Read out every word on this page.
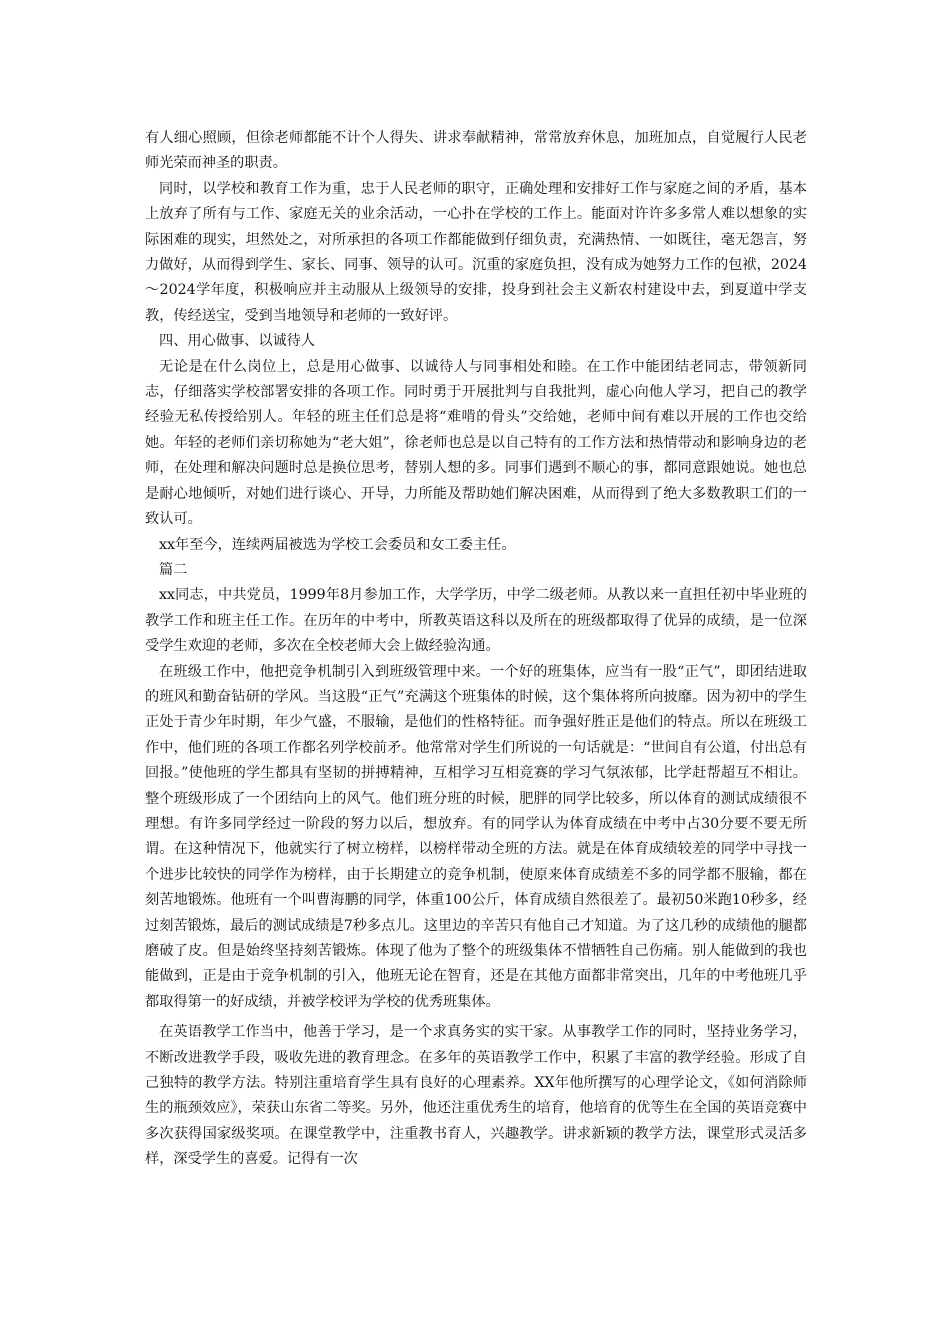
有人细心照顾，但徐老师都能不计个人得失、讲求奉献精神，常常放弃休息，加班加点，自觉履行人民老师光荣而神圣的职责。

同时，以学校和教育工作为重，忠于人民老师的职守，正确处理和安排好工作与家庭之间的矛盾，基本上放弃了所有与工作、家庭无关的业余活动，一心扑在学校的工作上。能面对许许多多常人难以想象的实际困难的现实，坦然处之，对所承担的各项工作都能做到仔细负责，充满热情、一如既往，毫无怨言，努力做好，从而得到学生、家长、同事、领导的认可。沉重的家庭负担，没有成为她努力工作的包袱，2024～2024学年度，积极响应并主动服从上级领导的安排，投身到社会主义新农村建设中去，到夏道中学支教，传经送宝，受到当地领导和老师的一致好评。

四、用心做事、以诚待人

无论是在什么岗位上，总是用心做事、以诚待人与同事相处和睦。在工作中能团结老同志，带领新同志，仔细落实学校部署安排的各项工作。同时勇于开展批判与自我批判，虚心向他人学习，把自己的教学经验无私传授给别人。年轻的班主任们总是将“难啃的骨头”交给她，老师中间有难以开展的工作也交给她。年轻的老师们亲切称她为“老大姐”，徐老师也总是以自己特有的工作方法和热情带动和影响身边的老师，在处理和解决问题时总是换位思考，替别人想的多。同事们遇到不顺心的事，都同意跟她说。她也总是耐心地倾听，对她们进行谈心、开导，力所能及帮助她们解决困难，从而得到了绝大多数教职工们的一致认可。

xx年至今，连续两届被选为学校工会委员和女工委主任。

篇二

xx同志，中共党员，1999年8月参加工作，大学学历，中学二级老师。从教以来一直担任初中毕业班的教学工作和班主任工作。在历年的中考中，所教英语这科以及所在的班级都取得了优异的成绩，是一位深受学生欢迎的老师，多次在全校老师大会上做经验沟通。

在班级工作中，他把竞争机制引入到班级管理中来。一个好的班集体，应当有一股“正气”，即团结进取的班风和勤奋钻研的学风。当这股“正气”充满这个班集体的时候，这个集体将所向披靡。因为初中的学生正处于青少年时期，年少气盛，不服输，是他们的性格特征。而争强好胜正是他们的特点。所以在班级工作中，他们班的各项工作都名列学校前矛。他常常对学生们所说的一句话就是：“世间自有公道，付出总有回报。”使他班的学生都具有坚韧的拼搏精神，互相学习互相竞赛的学习气氛浓郁，比学赶帮超互不相让。整个班级形成了一个团结向上的风气。他们班分班的时候，肥胖的同学比较多，所以体育的测试成绩很不理想。有许多同学经过一阶段的努力以后，想放弃。有的同学认为体育成绩在中考中占30分要不要无所谓。在这种情况下，他就实行了树立榜样，以榜样带动全班的方法。就是在体育成绩较差的同学中寻找一个进步比较快的同学作为榜样，由于长期建立的竞争机制，使原来体育成绩差不多的同学都不服输，都在刻苦地锻炼。他班有一个叫曹海鹏的同学，体重100公斤，体育成绩自然很差了。最初50米跑10秒多，经过刻苦锻炼，最后的测试成绩是7秒多点儿。这里边的辛苦只有他自己才知道。为了这几秒的成绩他的腿都磨破了皮。但是始终坚持刻苦锻炼。体现了他为了整个的班级集体不惜牺牲自己伤痛。别人能做到的我也能做到，正是由于竞争机制的引入，他班无论在智育，还是在其他方面都非常突出，几年的中考他班几乎都取得第一的好成绩，并被学校评为学校的优秀班集体。

在英语教学工作当中，他善于学习，是一个求真务实的实干家。从事教学工作的同时，坚持业务学习，不断改进教学手段，吸收先进的教育理念。在多年的英语教学工作中，积累了丰富的教学经验。形成了自己独特的教学方法。特别注重培育学生具有良好的心理素养。XX年他所撰写的心理学论文，《如何消除师生的瓶颈效应》，荣获山东省二等奖。另外，他还注重优秀生的培育，他培育的优等生在全国的英语竞赛中多次获得国家级奖项。在课堂教学中，注重教书育人，兴趣教学。讲求新颖的教学方法，课堂形式灵活多样，深受学生的喜爱。记得有一次
